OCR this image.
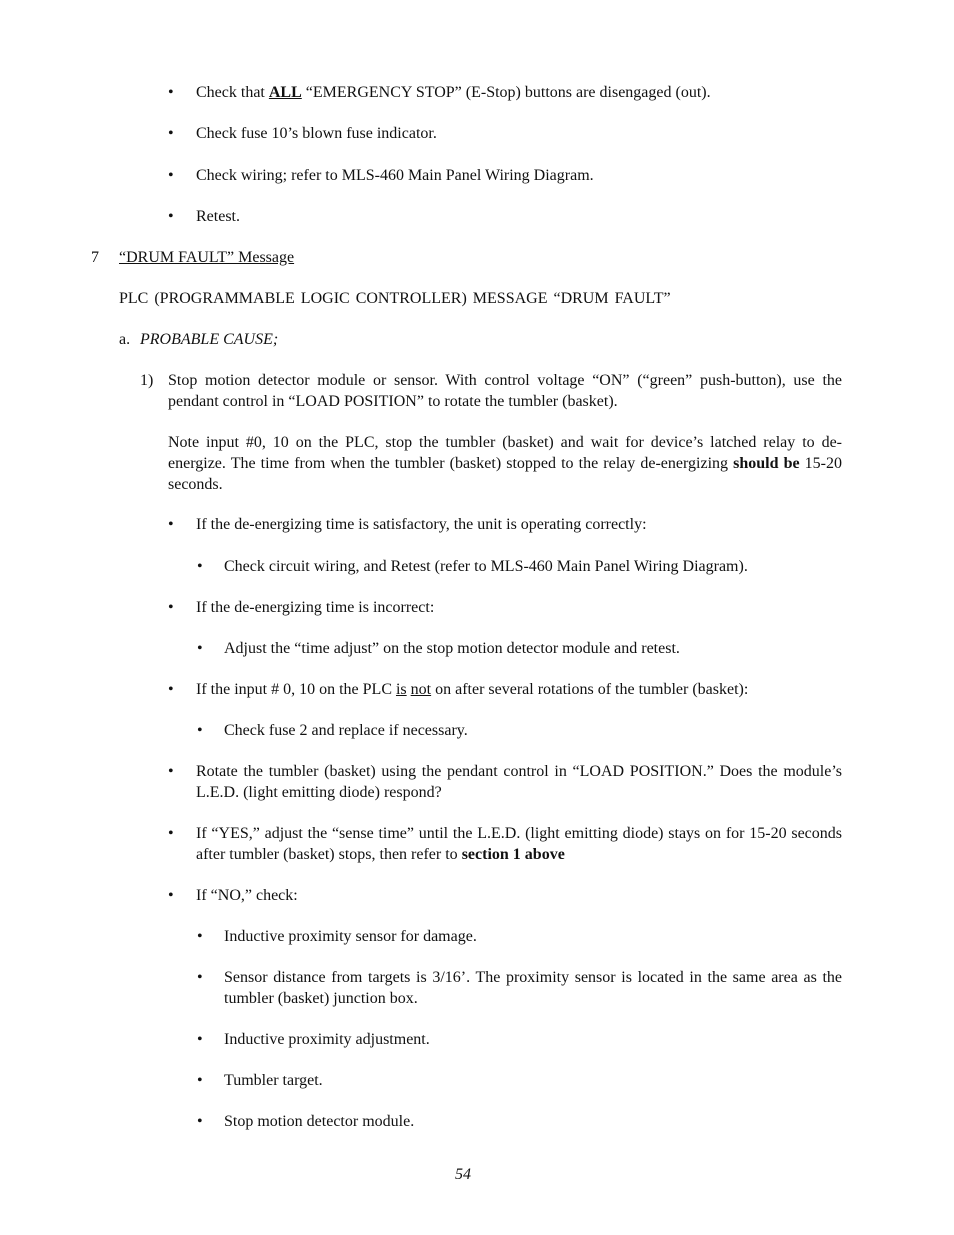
• Check that ALL “EMERGENCY STOP” (E-Stop) buttons are disengaged (out).
• Check fuse 10’s blown fuse indicator.
• Check wiring; refer to MLS-460 Main Panel Wiring Diagram.
• Retest.
7 “DRUM FAULT” Message
PLC (PROGRAMMABLE LOGIC CONTROLLER) MESSAGE “DRUM FAULT”
a. PROBABLE CAUSE;
1) Stop motion detector module or sensor. With control voltage “ON” (“green” push-button), use the pendant control in “LOAD POSITION” to rotate the tumbler (basket).
Note input #0, 10 on the PLC, stop the tumbler (basket) and wait for device’s latched relay to de-energize. The time from when the tumbler (basket) stopped to the relay de-energizing should be 15-20 seconds.
• If the de-energizing time is satisfactory, the unit is operating correctly:
• Check circuit wiring, and Retest (refer to MLS-460 Main Panel Wiring Diagram).
• If the de-energizing time is incorrect:
• Adjust the “time adjust” on the stop motion detector module and retest.
• If the input # 0, 10 on the PLC is not on after several rotations of the tumbler (basket):
• Check fuse 2 and replace if necessary.
• Rotate the tumbler (basket) using the pendant control in “LOAD POSITION.” Does the module’s L.E.D. (light emitting diode) respond?
• If “YES,” adjust the “sense time” until the L.E.D. (light emitting diode) stays on for 15-20 seconds after tumbler (basket) stops, then refer to section 1 above
• If “NO,” check:
• Inductive proximity sensor for damage.
• Sensor distance from targets is 3/16’. The proximity sensor is located in the same area as the tumbler (basket) junction box.
• Inductive proximity adjustment.
• Tumbler target.
• Stop motion detector module.
54
